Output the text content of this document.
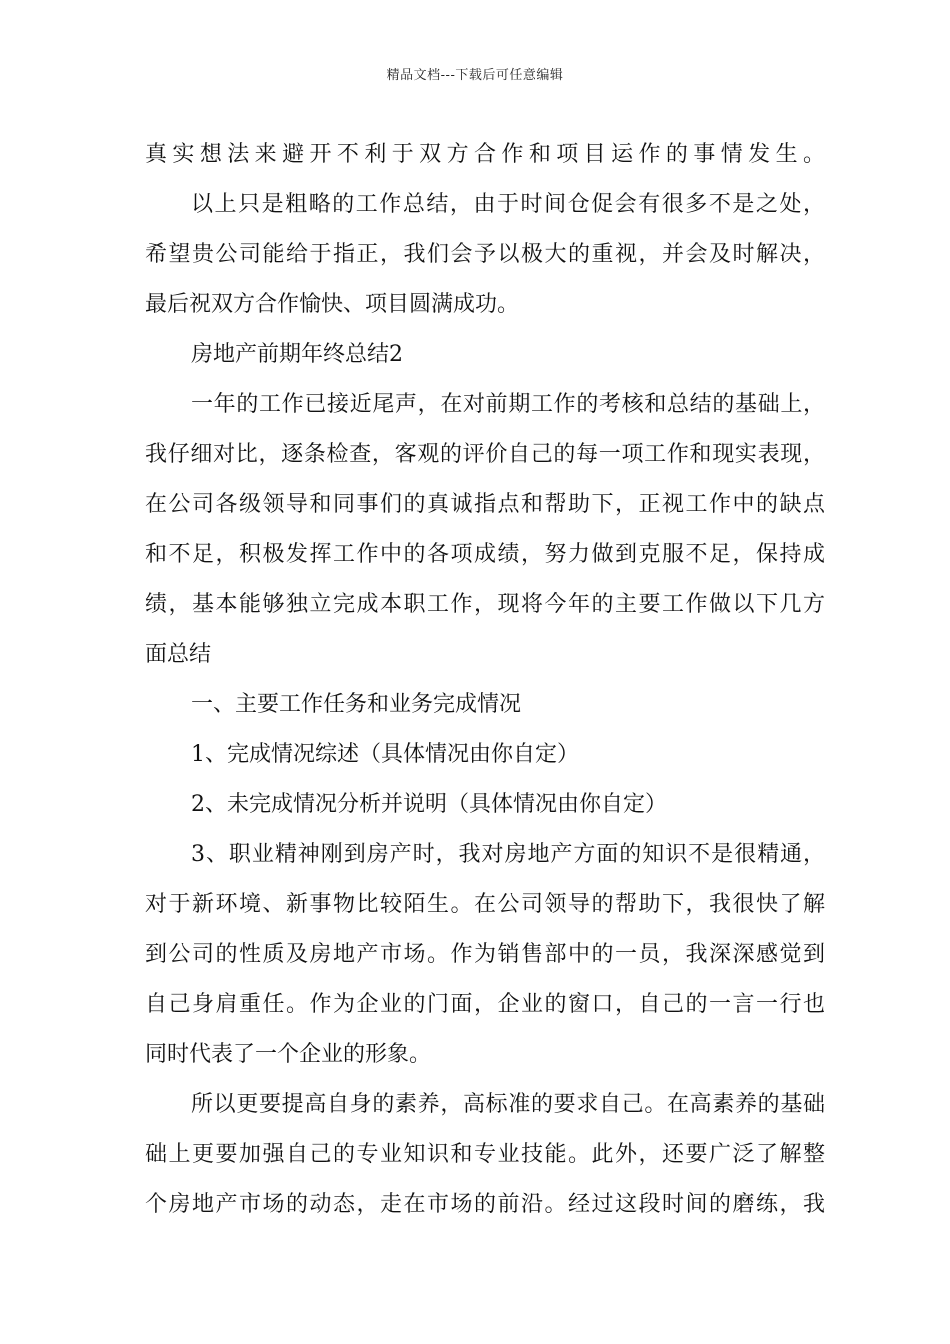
精品文档---下载后可任意编辑
真实想法来避开不利于双方合作和项目运作的事情发生。
以上只是粗略的工作总结，由于时间仓促会有很多不是之处，
希望贵公司能给于指正，我们会予以极大的重视，并会及时解决，
最后祝双方合作愉快、项目圆满成功。
房地产前期年终总结2
一年的工作已接近尾声，在对前期工作的考核和总结的基础上，
我仔细对比，逐条检查，客观的评价自己的每一项工作和现实表现，
在公司各级领导和同事们的真诚指点和帮助下，正视工作中的缺点
和不足，积极发挥工作中的各项成绩，努力做到克服不足，保持成
绩，基本能够独立完成本职工作，现将今年的主要工作做以下几方
面总结
一、主要工作任务和业务完成情况
1、完成情况综述（具体情况由你自定）
2、未完成情况分析并说明（具体情况由你自定）
3、职业精神刚到房产时，我对房地产方面的知识不是很精通，
对于新环境、新事物比较陌生。在公司领导的帮助下，我很快了解
到公司的性质及房地产市场。作为销售部中的一员，我深深感觉到
自己身肩重任。作为企业的门面，企业的窗口，自己的一言一行也
同时代表了一个企业的形象。
所以更要提高自身的素养，高标准的要求自己。在高素养的基础
础上更要加强自己的专业知识和专业技能。此外，还要广泛了解整
个房地产市场的动态，走在市场的前沿。经过这段时间的磨练，我
